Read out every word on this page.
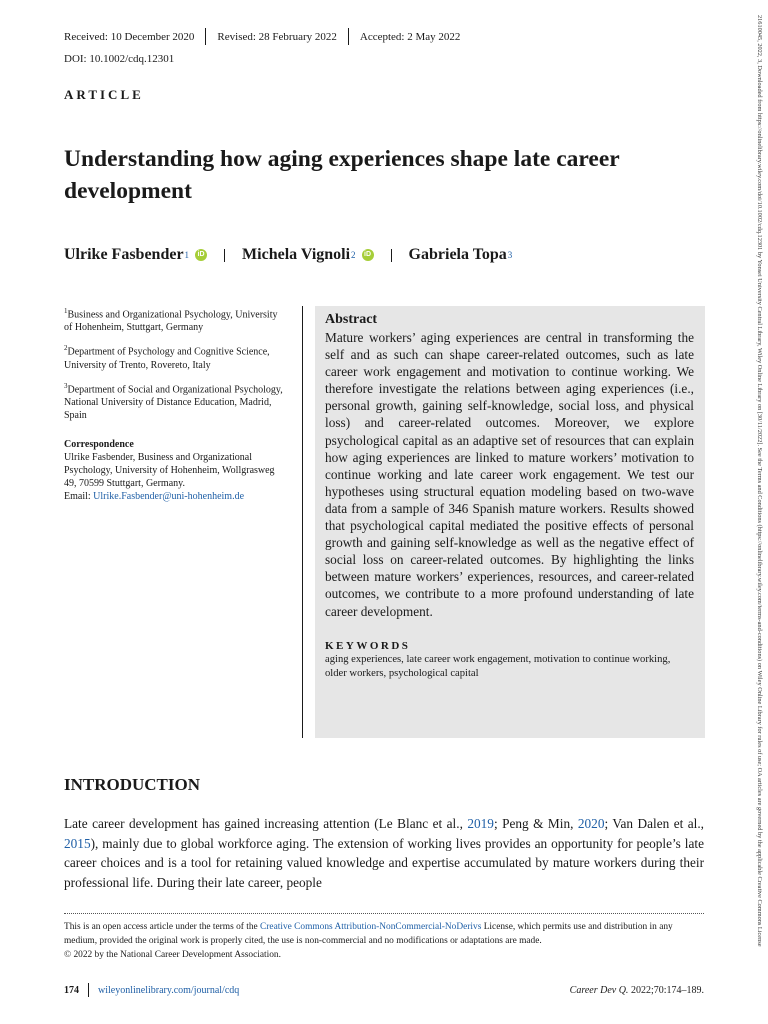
Received: 10 December 2020 Revised: 28 February 2022 Accepted: 2 May 2022
DOI: 10.1002/cdq.12301
ARTICLE
Understanding how aging experiences shape late career development
Ulrike Fasbender 1	iD Michela Vignoli 2	iD Gabriela Topa 3

$^1$Business and Organizational Psychology, University of Hohenheim, Stuttgart, Germany

$^2$Department of Psychology and Cognitive Science, University of Trento, Rovereto, Italy

$^3$Department of Social and Organizational Psychology, National University of Distance Education, Madrid, Spain

Correspondence
Ulrike Fasbender, Business and Organizational Psychology, University of Hohenheim, Wollgrasweg 49, 70599 Stuttgart, Germany.
Email: Ulrike.Fasbender@uni-hohenheim.de

Abstract

Mature workers’ aging experiences are central in transforming the self and as such can shape career-related outcomes, such as late career work engagement and motivation to continue working. We therefore investigate the relations between aging experiences (i.e., personal growth, gaining self-knowledge, social loss, and physical loss) and career-related outcomes. Moreover, we explore psychological capital as an adaptive set of resources that can explain how aging experiences are linked to mature workers’ motivation to continue working and late career work engagement. We test our hypotheses using structural equation modeling based on two-wave data from a sample of 346 Spanish mature workers. Results showed that psychological capital mediated the positive effects of personal growth and gaining self-knowledge as well as the negative effect of social loss on career-related outcomes. By highlighting the links between mature workers’ experiences, resources, and career-related outcomes, we contribute to a more profound understanding of late career development.

KEYWORDS
aging experiences, late career work engagement, motivation to continue working, older workers, psychological capital
INTRODUCTION

Late career development has gained increasing attention (Le Blanc et al., 2019; Peng & Min, 2020; Van Dalen et al., 2015), mainly due to global workforce aging. The extension of working lives provides an opportunity for people’s late career choices and is a tool for retaining valued knowledge and expertise accumulated by mature workers during their professional life. During their late career, people

This is an open access article under the terms of the Creative Commons Attribution-NonCommercial-NoDerivs License, which permits use and distribution in any medium, provided the original work is properly cited, the use is non-commercial and no modifications or adaptations are made.
© 2022 by the National Career Development Association.

174 wileyonlinelibrary.com/journal/cdq	Career Dev Q. 2022;70:174–189.
21610045, 2022, 3, Downloaded from https://onlinelibrary.wiley.com/doi/10.1002/cdq.12301 by Yonsei University Central Library, Wiley Online Library on [30/11/2022]. See the Terms and Conditions (https://onlinelibrary.wiley.com/terms-and-conditions) on Wiley Online Library for rules of use; OA articles are governed by the applicable Creative Commons License
